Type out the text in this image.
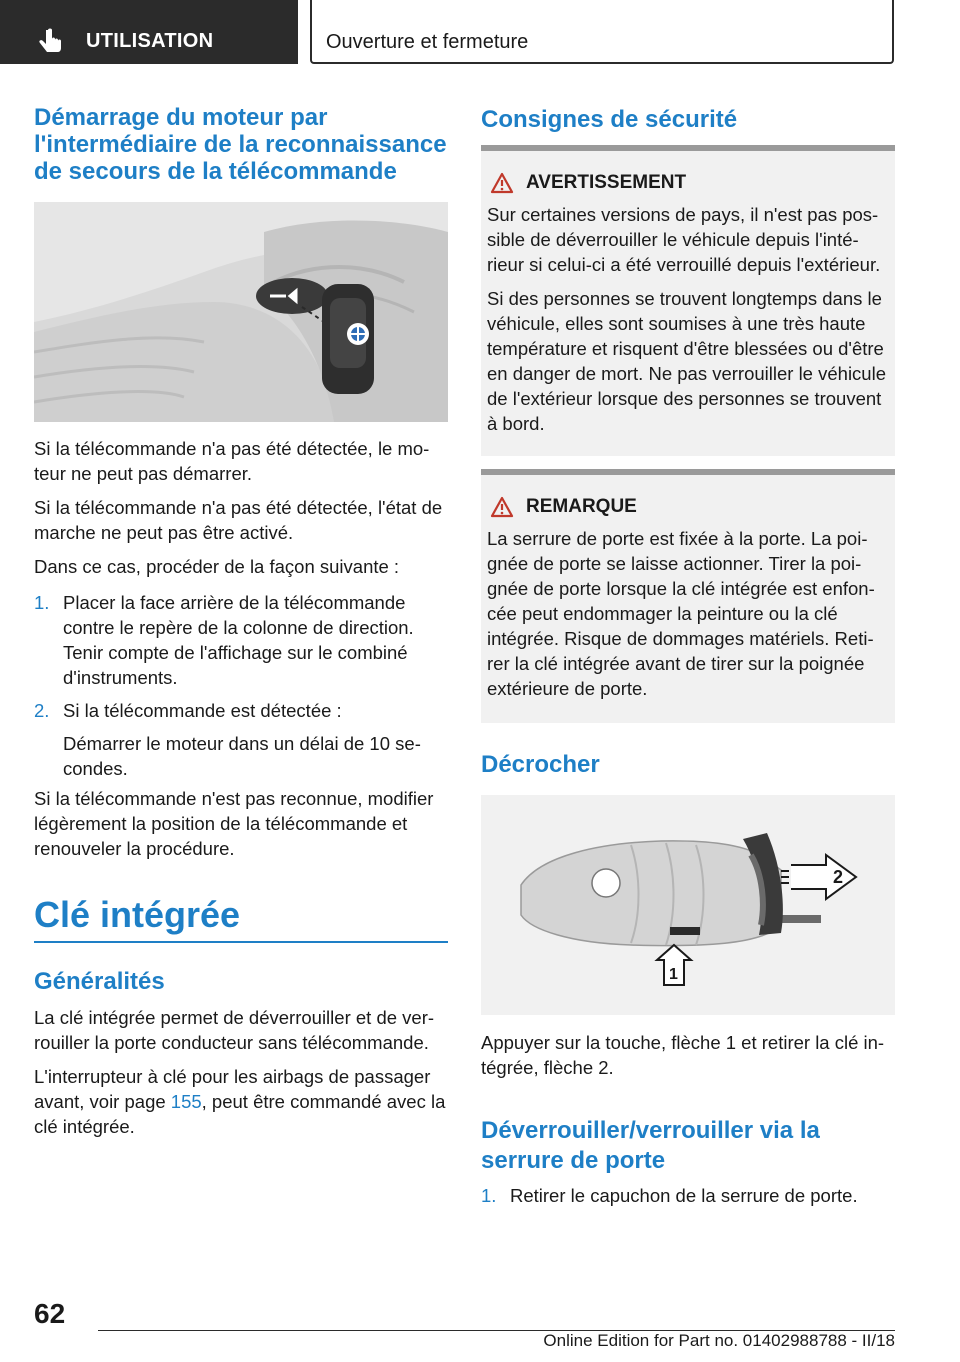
UTILISATION	Ouverture et fermeture
Démarrage du moteur par l'intermédiaire de la reconnaissance de secours de la télécommande

Si la télécommande n'a pas été détectée, le mo-teur ne peut pas démarrer.

Si la télécommande n'a pas été détectée, l'état de marche ne peut pas être activé.

Dans ce cas, procéder de la façon suivante :

1. Placer la face arrière de la télécommande contre le repère de la colonne de direction. Tenir compte de l'affichage sur le combiné d'instruments.
2. Si la télécommande est détectée :
Démarrer le moteur dans un délai de 10 se-condes.
Si la télécommande n'est pas reconnue, modifier légèrement la position de la télécommande et renouveler la procédure.
Clé intégrée
Généralités

La clé intégrée permet de déverrouiller et de ver-rouiller la porte conducteur sans télécommande.

L'interrupteur à clé pour les airbags de passager avant, voir page 155, peut être commandé avec la clé intégrée.

Consignes de sécurité
AVERTISSEMENT

Sur certaines versions de pays, il n'est pas pos-sible de déverrouiller le véhicule depuis l'inté-rieur si celui-ci a été verrouillé depuis l'extérieur.

Si des personnes se trouvent longtemps dans le véhicule, elles sont soumises à une très haute température et risquent d'être blessées ou d'être en danger de mort. Ne pas verrouiller le véhicule de l'extérieur lorsque des personnes se trouvent à bord.

REMARQUE

La serrure de porte est fixée à la porte. La poi-gnée de porte se laisse actionner. Tirer la poi-gnée de porte lorsque la clé intégrée est enfon-cée peut endommager la peinture ou la clé intégrée. Risque de dommages matériels. Reti-rer la clé intégrée avant de tirer sur la poignée extérieure de porte.

Décrocher
2
1
Appuyer sur la touche, flèche 1 et retirer la clé in-tégrée, flèche 2.
Déverrouiller/verrouiller via la serrure de porte
1. Retirer le capuchon de la serrure de porte.
62
Online Edition for Part no. 01402988788 - II/18
